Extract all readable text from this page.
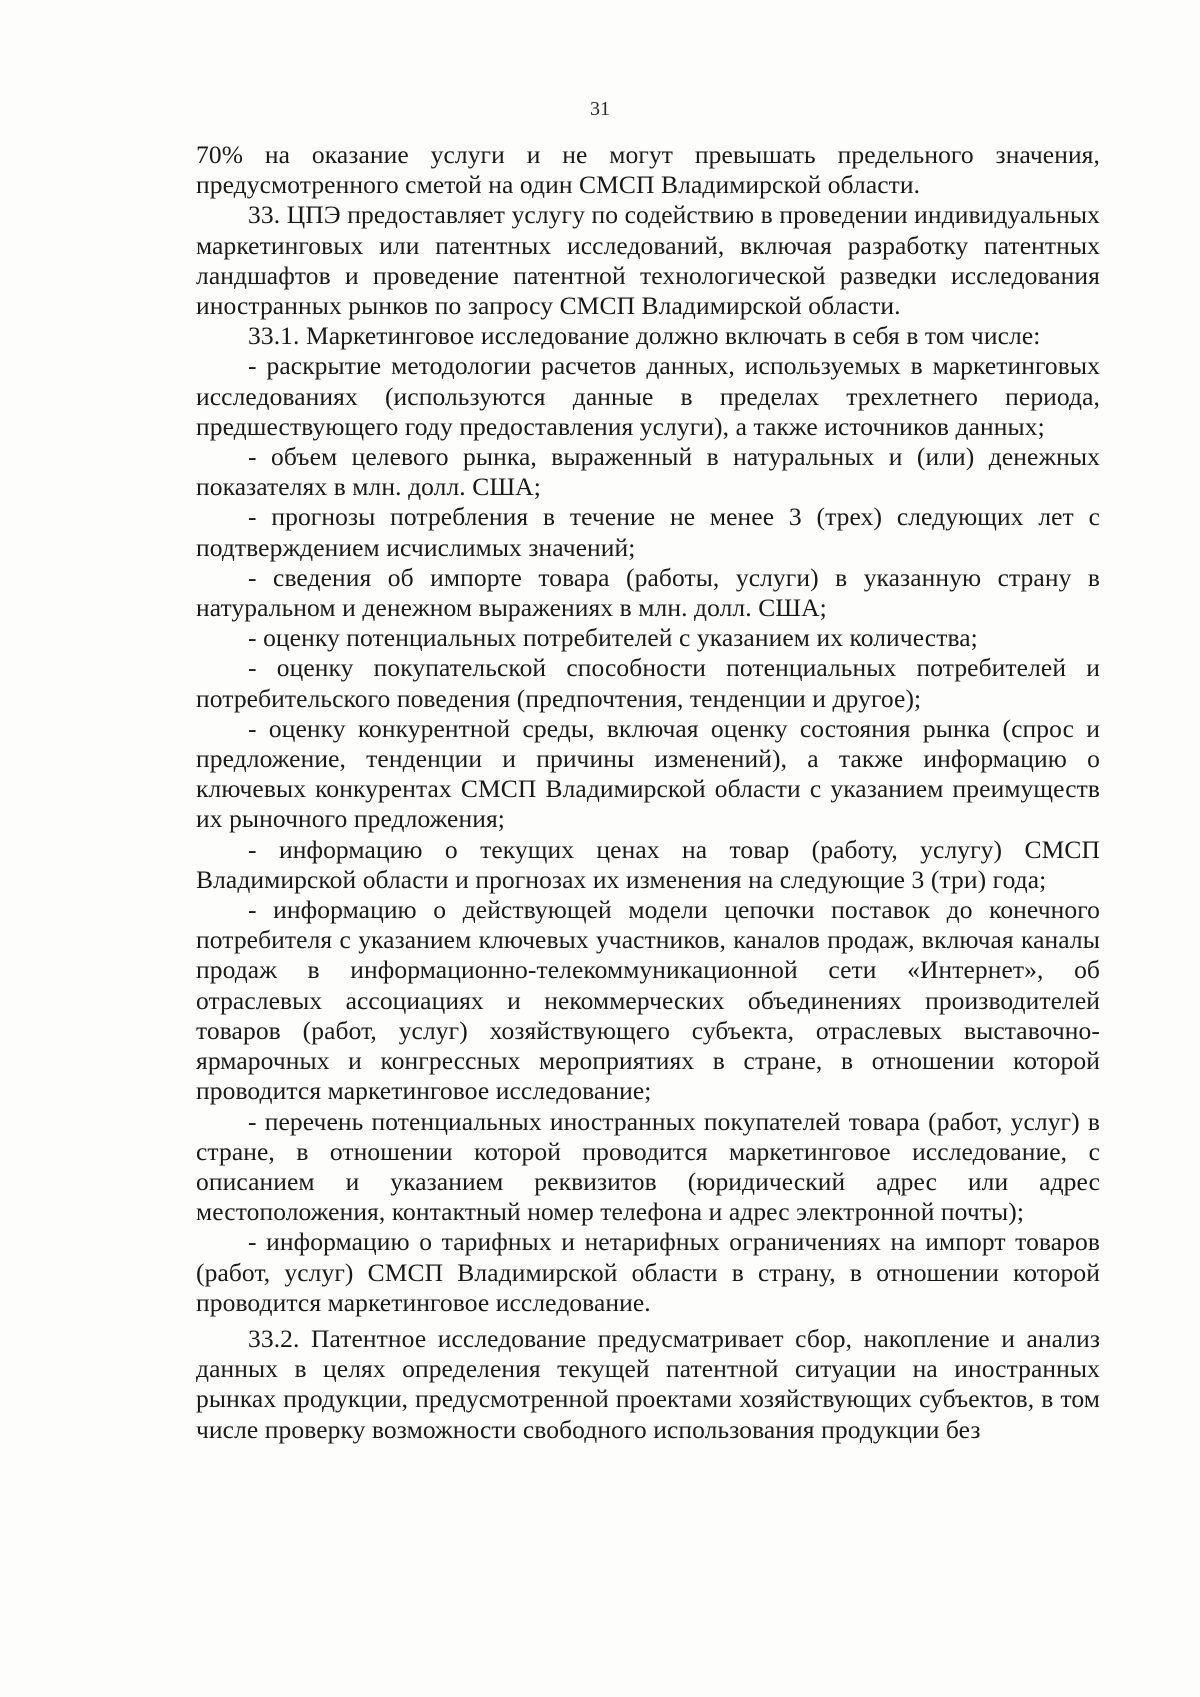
31

70% на оказание услуги и не могут превышать предельного значения, предусмотренного сметой на один СМСП Владимирской области.

33. ЦПЭ предоставляет услугу по содействию в проведении индивидуальных маркетинговых или патентных исследований, включая разработку патентных ландшафтов и проведение патентной технологической разведки исследования иностранных рынков по запросу СМСП Владимирской области.

33.1. Маркетинговое исследование должно включать в себя в том числе:

- раскрытие методологии расчетов данных, используемых в маркетинговых исследованиях (используются данные в пределах трехлетнего периода, предшествующего году предоставления услуги), а также источников данных;

- объем целевого рынка, выраженный в натуральных и (или) денежных показателях в млн. долл. США;

- прогнозы потребления в течение не менее 3 (трех) следующих лет с подтверждением исчислимых значений;

- сведения об импорте товара (работы, услуги) в указанную страну в натуральном и денежном выражениях в млн. долл. США;

- оценку потенциальных потребителей с указанием их количества;

- оценку покупательской способности потенциальных потребителей и потребительского поведения (предпочтения, тенденции и другое);

- оценку конкурентной среды, включая оценку состояния рынка (спрос и предложение, тенденции и причины изменений), а также информацию о ключевых конкурентах СМСП Владимирской области с указанием преимуществ их рыночного предложения;

- информацию о текущих ценах на товар (работу, услугу) СМСП Владимирской области и прогнозах их изменения на следующие 3 (три) года;

- информацию о действующей модели цепочки поставок до конечного потребителя с указанием ключевых участников, каналов продаж, включая каналы продаж в информационно-телекоммуникационной сети «Интернет», об отраслевых ассоциациях и некоммерческих объединениях производителей товаров (работ, услуг) хозяйствующего субъекта, отраслевых выставочно-ярмарочных и конгрессных мероприятиях в стране, в отношении которой проводится маркетинговое исследование;

- перечень потенциальных иностранных покупателей товара (работ, услуг) в стране, в отношении которой проводится маркетинговое исследование, с описанием и указанием реквизитов (юридический адрес или адрес местоположения, контактный номер телефона и адрес электронной почты);

- информацию о тарифных и нетарифных ограничениях на импорт товаров (работ, услуг) СМСП Владимирской области в страну, в отношении которой проводится маркетинговое исследование.

33.2. Патентное исследование предусматривает сбор, накопление и анализ данных в целях определения текущей патентной ситуации на иностранных рынках продукции, предусмотренной проектами хозяйствующих субъектов, в том числе проверку возможности свободного использования продукции без
